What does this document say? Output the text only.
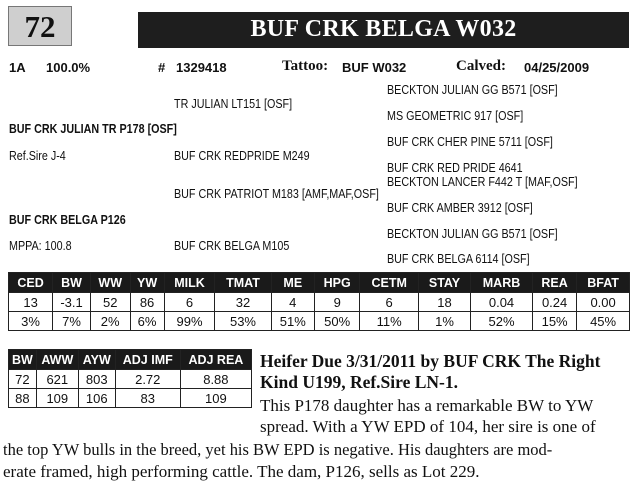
72	BUF CRK BELGA W032
1A 100.0%	# 1329418	Tattoo: BUF W032	Calved: 04/25/2009
BECKTON JULIAN GG B571 [OSF]
TR JULIAN LT151 [OSF]
MS GEOMETRIC 917 [OSF]
BUF CRK JULIAN TR P178 [OSF]
BUF CRK CHER PINE 5711 [OSF]
Ref.Sire J-4	BUF CRK REDPRIDE M249
BUF CRK RED PRIDE 4641
BECKTON LANCER F442 T [MAF,OSF]
BUF CRK PATRIOT M183 [AMF,MAF,OSF]
BUF CRK AMBER 3912 [OSF]
BUF CRK BELGA P126
BECKTON JULIAN GG B571 [OSF]
MPPA: 100.8	BUF CRK BELGA M105
BUF CRK BELGA 6114 [OSF]
CED	BW	WW	YW	MILK	TMAT	ME	HPG	CETM	STAY	MARB	REA	BFAT
13	-3.1	52	86	6	32	4	9	6	18	0.04	0.24	0.00
3%	7%	2%	6%	99%	53%	51%	50%	11%	1%	52%	15%	45%
BW	AWW	AYW	ADJ IMF	ADJ REA
72	621	803	2.72	8.88
88	109	106	83	109
Heifer Due 3/31/2011 by BUF CRK The Right
Kind U199, Ref.Sire LN-1.
This P178 daughter has a remarkable BW to YW
spread. With a YW EPD of 104, her sire is one of
the top YW bulls in the breed, yet his BW EPD is negative. His daughters are mod-
erate framed, high performing cattle. The dam, P126, sells as Lot 229.
